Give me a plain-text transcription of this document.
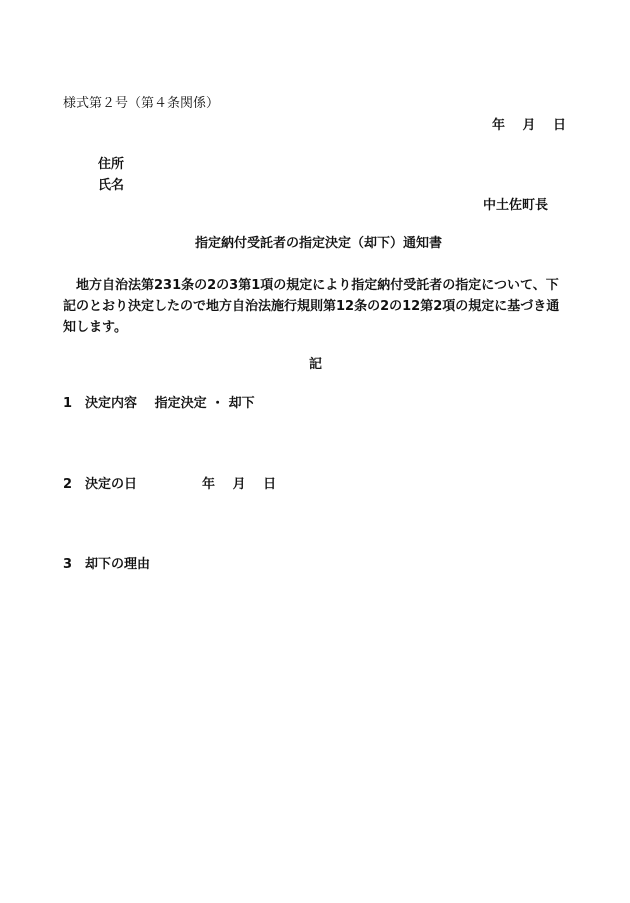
様式第２号（第４条関係）
年　 月　 日
住所
氏名
中土佐町長
指定納付受託者の指定決定（却下）通知書
地方自治法第231条の2の3第1項の規定により指定納付受託者の指定について、下記のとおり決定したので地方自治法施行規則第12条の2の12第2項の規定に基づき通知します。
記
1　決定内容　 指定決定 ・ 却下
2　決定の日　　　　　年　 月　 日
3　却下の理由
